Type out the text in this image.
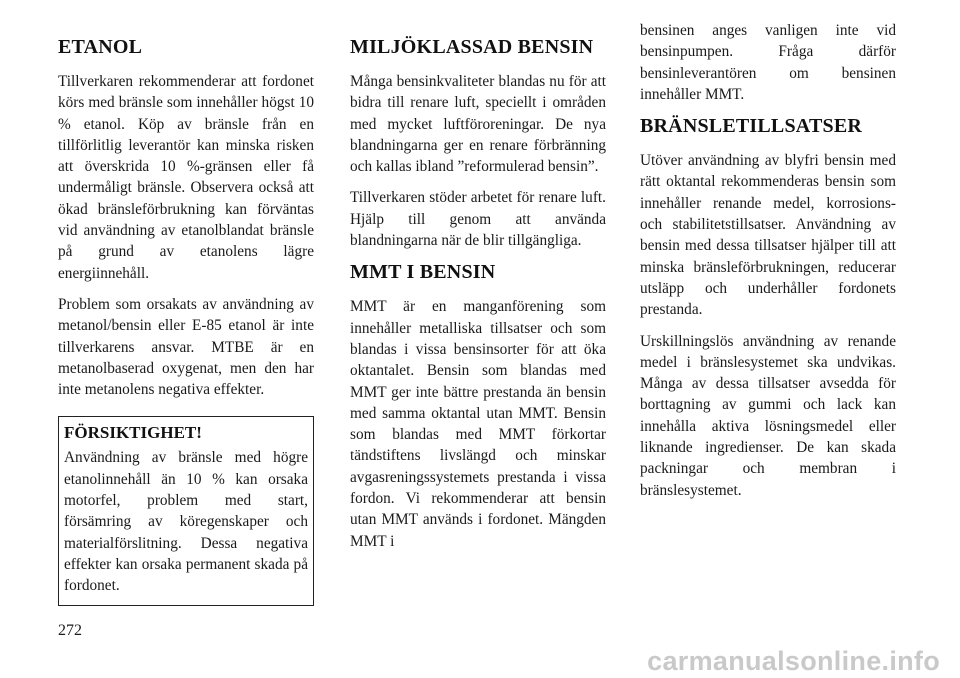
ETANOL

Tillverkaren rekommenderar att fordonet körs med bränsle som innehåller högst 10 % etanol. Köp av bränsle från en tillförlitlig leverantör kan minska risken att överskrida 10 %-gränsen eller få undermåligt bränsle. Observera också att ökad bränsleförbrukning kan förväntas vid användning av etanolblandat bränsle på grund av etanolens lägre energiinnehåll.

Problem som orsakats av användning av metanol/bensin eller E-85 etanol är inte tillverkarens ansvar. MTBE är en metanolbaserad oxygenat, men den har inte metanolens negativa effekter.

FÖRSIKTIGHET!

Användning av bränsle med högre etanolinnehåll än 10 % kan orsaka motorfel, problem med start, försämring av köregenskaper och materialförslitning. Dessa negativa effekter kan orsaka permanent skada på fordonet.

MILJÖKLASSAD BENSIN

Många bensinkvaliteter blandas nu för att bidra till renare luft, speciellt i områden med mycket luftföroreningar. De nya blandningarna ger en renare förbränning och kallas ibland ”reformulerad bensin”.

Tillverkaren stöder arbetet för renare luft. Hjälp till genom att använda blandningarna när de blir tillgängliga.

MMT I BENSIN

MMT är en manganförening som innehåller metalliska tillsatser och som blandas i vissa bensinsorter för att öka oktantalet. Bensin som blandas med MMT ger inte bättre prestanda än bensin med samma oktantal utan MMT. Bensin som blandas med MMT förkortar tändstiftens livslängd och minskar avgasreningssystemets prestanda i vissa fordon. Vi rekommenderar att bensin utan MMT används i fordonet. Mängden MMT i

bensinen anges vanligen inte vid bensinpumpen. Fråga därför bensinleverantören om bensinen innehåller MMT.

BRÄNSLETILLSATSER

Utöver användning av blyfri bensin med rätt oktantal rekommenderas bensin som innehåller renande medel, korrosions- och stabilitetstillsatser. Användning av bensin med dessa tillsatser hjälper till att minska bränsleförbrukningen, reducerar utsläpp och underhåller fordonets prestanda.

Urskillningslös användning av renande medel i bränslesystemet ska undvikas. Många av dessa tillsatser avsedda för borttagning av gummi och lack kan innehålla aktiva lösningsmedel eller liknande ingredienser. De kan skada packningar och membran i bränslesystemet.

272
carmanualsonline.info
